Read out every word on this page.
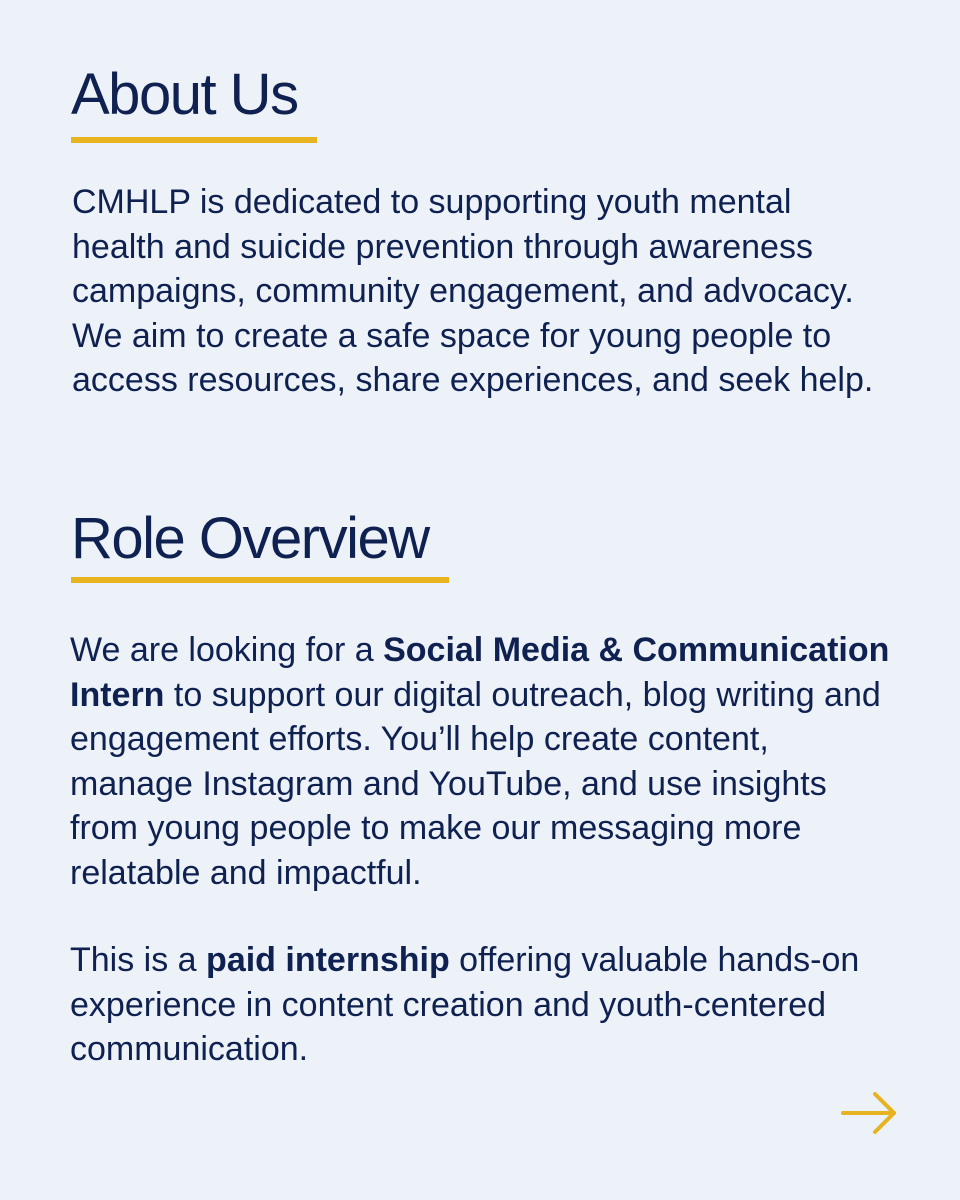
About Us

CMHLP is dedicated to supporting youth mental health and suicide prevention through awareness campaigns, community engagement, and advocacy. We aim to create a safe space for young people to access resources, share experiences, and seek help.

Role Overview

We are looking for a Social Media & Communication Intern to support our digital outreach, blog writing and engagement efforts. You’ll help create content, manage Instagram and YouTube, and use insights from young people to make our messaging more relatable and impactful.

This is a paid internship offering valuable hands-on experience in content creation and youth-centered communication.
